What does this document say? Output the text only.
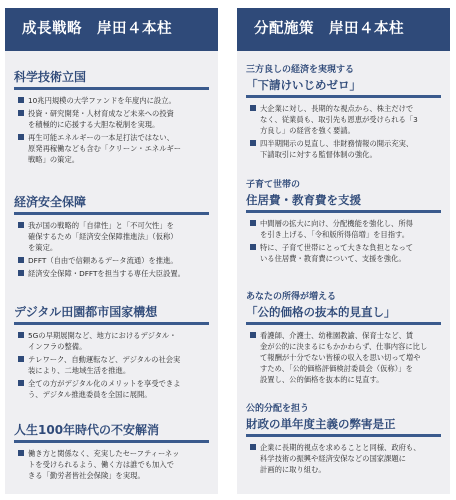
成長戦略　岸田４本柱
科学技術立国
10兆円規模の大学ファンドを年度内に設立。
投資・研究開発・人材育成など未来への投資
を積極的に応援する大胆な税制を実現。
再生可能エネルギーの一本足打法ではない、
原発再稼働なども含む「クリーン・エネルギー
戦略」の策定。
経済安全保障
我が国の戦略的「自律性」と「不可欠性」を
確保するため「経済安全保障推進法」（仮称）
を策定。
DFFT（自由で信頼あるデータ流通）を推進。
経済安全保障・DFFTを担当する専任大臣設置。
デジタル田園都市国家構想
5Gの早期展開など、地方におけるデジタル・
インフラの整備。
テレワーク、自動運転など、デジタルの社会実
装により、二地域生活を推進。
全ての方がデジタル化のメリットを享受できよ
う、デジタル推進委員を全国に展開。
人生100年時代の不安解消
働き方と関係なく、充実したセーフティーネッ
トを受けられるよう、働く方は誰でも加入で
きる「勤労者皆社会保険」を実現。
分配施策　岸田４本柱
三方良しの経済を実現する
「下請けいじめゼロ」
大企業に対し、長期的な視点から、株主だけで
なく、従業員も、取引先も恩恵が受けられる「3
方良し」の経営を強く要請。
四半期開示の見直し、非財務情報の開示充実、
下請取引に対する監督体制の強化。
子育て世帯の
住居費・教育費を支援
中間層の拡大に向け、分配機能を強化し、所得
を引き上げる、「令和版所得倍増」を目指す。
特に、子育て世帯にとって大きな負担となって
いる住居費・教育費について、支援を強化。
あなたの所得が増える
「公的価格の抜本的見直し」
看護師、介護士、幼稚園教諭、保育士など、賃
金が公的に決まるにもかかわらず、仕事内容に比し
て報酬が十分でない皆様の収入を思い切って増や
すため、「公的価格評価検討委員会（仮称）」を
設置し、公的価格を抜本的に見直す。
公的分配を担う
財政の単年度主義の弊害是正
企業に長期的視点を求めることと同様、政府も、
科学技術の振興や経済安保などの国家課題に
計画的に取り組む。
